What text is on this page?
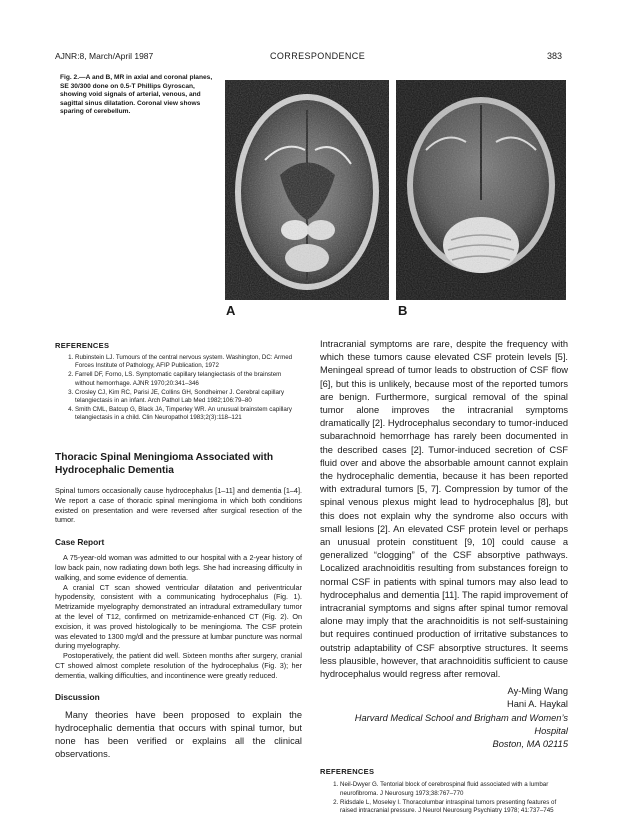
AJNR:8, March/April 1987	CORRESPONDENCE	383
Fig. 2.—A and B, MR in axial and coronal planes, SE 30/300 done on 0.5-T Phillips Gyroscan, showing void signals of arterial, venous, and sagittal sinus dilatation. Coronal view shows sparing of cerebellum.
A	B
REFERENCES
1. Rubinstein LJ. Tumours of the central nervous system. Washington, DC: Armed Forces Institute of Pathology, AFIP Publication, 1972
2. Farrell DF, Forno, LS. Symptomatic capillary telangiectasis of the brainstem without hemorrhage. AJNR 1970;20:341–346
3. Crosley CJ, Kim RC, Parisi JE, Collins GH, Sondheimer J. Cerebral capillary telangiectasis in an infant. Arch Pathol Lab Med 1982;106:79–80
4. Smith CML, Batcup G, Black JA, Timperley WR. An unusual brainstem capillary telangiectasis in a child. Clin Neuropathol 1983;2(3):118–121
Thoracic Spinal Meningioma Associated with Hydrocephalic Dementia

Spinal tumors occasionally cause hydrocephalus [1–11] and dementia [1–4]. We report a case of thoracic spinal meningioma in which both conditions existed on presentation and were reversed after surgical resection of the tumor.

Case Report

A 75-year-old woman was admitted to our hospital with a 2-year history of low back pain, now radiating down both legs. She had increasing difficulty in walking, and some evidence of dementia.

A cranial CT scan showed ventricular dilatation and periventricular hypodensity, consistent with a communicating hydrocephalus (Fig. 1). Metrizamide myelography demonstrated an intradural extramedullary tumor at the level of T12, confirmed on metrizamide-enhanced CT (Fig. 2). On excision, it was proved histologically to be meningioma. The CSF protein was elevated to 1300 mg/dl and the pressure at lumbar puncture was normal during myelography.

Postoperatively, the patient did well. Sixteen months after surgery, cranial CT showed almost complete resolution of the hydrocephalus (Fig. 3); her dementia, walking difficulties, and incontinence were greatly reduced.

Discussion

Many theories have been proposed to explain the hydrocephalic dementia that occurs with spinal tumor, but none has been verified or explains all the clinical observations.

Intracranial symptoms are rare, despite the frequency with which these tumors cause elevated CSF protein levels [5]. Meningeal spread of tumor leads to obstruction of CSF flow [6], but this is unlikely, because most of the reported tumors are benign. Furthermore, surgical removal of the spinal tumor alone improves the intracranial symptoms dramatically [2]. Hydrocephalus secondary to tumor-induced subarachnoid hemorrhage has rarely been documented in the described cases [2]. Tumor-induced secretion of CSF fluid over and above the absorbable amount cannot explain the hydrocephalic dementia, because it has been reported with extradural tumors [5, 7]. Compression by tumor of the spinal venous plexus might lead to hydrocephalus [8], but this does not explain why the syndrome also occurs with small lesions [2]. An elevated CSF protein level or perhaps an unusual protein constituent [9, 10] could cause a generalized “clogging” of the CSF absorptive pathways. Localized arachnoiditis resulting from substances foreign to normal CSF in patients with spinal tumors may also lead to hydrocephalus and dementia [11]. The rapid improvement of intracranial symptoms and signs after spinal tumor removal alone may imply that the arachnoiditis is not self-sustaining but requires continued production of irritative substances to outstrip adaptability of CSF absorptive structures. It seems less plausible, however, that arachnoiditis sufficient to cause hydrocephalus would regress after removal.

Ay-Ming Wang
Hani A. Haykal
Harvard Medical School and Brigham and Women’s Hospital
Boston, MA 02115
REFERENCES
1. Neil-Dwyer G. Tentorial block of cerebrospinal fluid associated with a lumbar neurofibroma. J Neurosurg 1973;38:767–770
2. Ridsdale L, Moseley I. Thoracolumbar intraspinal tumors presenting features of raised intracranial pressure. J Neurol Neurosurg Psychiatry 1978; 41:737–745
